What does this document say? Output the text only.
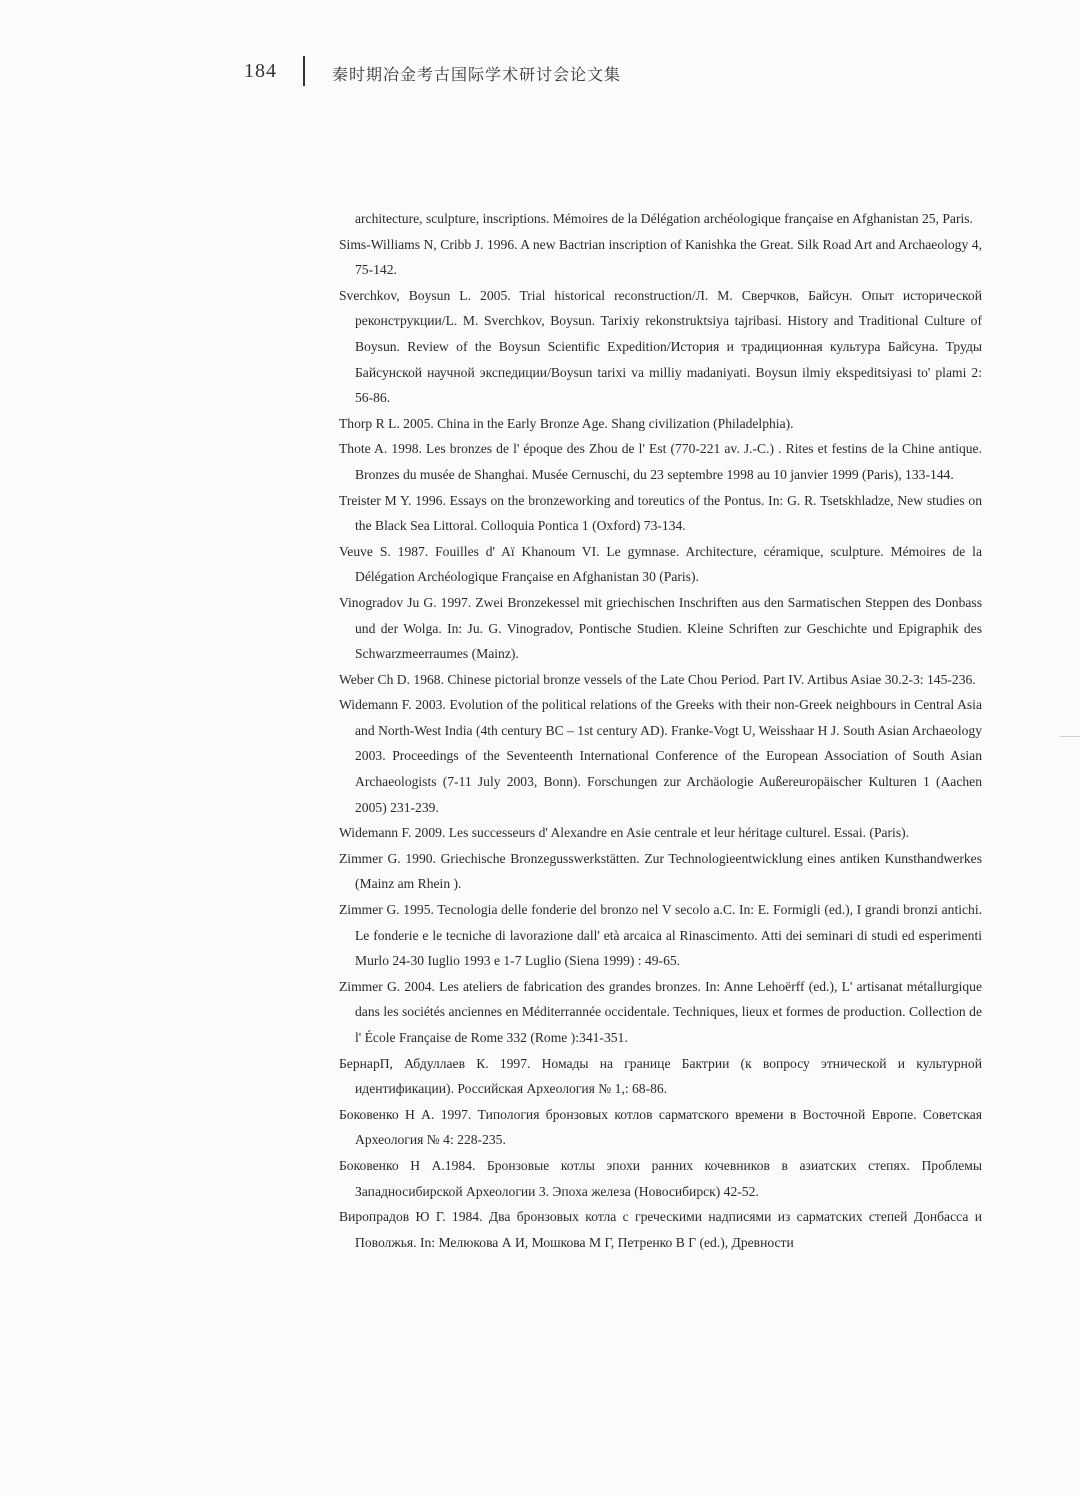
184	秦时期冶金考古国际学术研讨会论文集
architecture, sculpture, inscriptions. Mémoires de la Délégation archéologique française en Afghanistan 25, Paris.
Sims-Williams N, Cribb J. 1996. A new Bactrian inscription of Kanishka the Great. Silk Road Art and Archaeology 4, 75-142.
Sverchkov, Boysun L. 2005. Trial historical reconstruction/Л. М. Сверчков, Байсун. Опыт исторической реконструкции/L. M. Sverchkov, Boysun. Tarixiy rekonstruktsiya tajribasi. History and Traditional Culture of Boysun. Review of the Boysun Scientific Expedition/История и традиционная культура Байсуна. Труды Байсунской научной экспедиции/Boysun tarixi va milliy madaniyati. Boysun ilmiy ekspeditsiyasi to' plami 2: 56-86.
Thorp R L. 2005. China in the Early Bronze Age. Shang civilization (Philadelphia).
Thote A. 1998. Les bronzes de l' époque des Zhou de l' Est (770-221 av. J.-C.) . Rites et festins de la Chine antique. Bronzes du musée de Shanghai. Musée Cernuschi, du 23 septembre 1998 au 10 janvier 1999 (Paris), 133-144.
Treister M Y. 1996. Essays on the bronzeworking and toreutics of the Pontus. In: G. R. Tsetskhladze, New studies on the Black Sea Littoral. Colloquia Pontica 1 (Oxford) 73-134.
Veuve S. 1987. Fouilles d' Aï Khanoum VI. Le gymnase. Architecture, céramique, sculpture. Mémoires de la Délégation Archéologique Française en Afghanistan 30 (Paris).
Vinogradov Ju G. 1997. Zwei Bronzekessel mit griechischen Inschriften aus den Sarmatischen Steppen des Donbass und der Wolga. In: Ju. G. Vinogradov, Pontische Studien. Kleine Schriften zur Geschichte und Epigraphik des Schwarzmeerraumes (Mainz).
Weber Ch D. 1968. Chinese pictorial bronze vessels of the Late Chou Period. Part IV. Artibus Asiae 30.2-3: 145-236.
Widemann F. 2003. Evolution of the political relations of the Greeks with their non-Greek neighbours in Central Asia and North-West India (4th century BC – 1st century AD). Franke-Vogt U, Weisshaar H J. South Asian Archaeology 2003. Proceedings of the Seventeenth International Conference of the European Association of South Asian Archaeologists (7-11 July 2003, Bonn). Forschungen zur Archäologie Außereuropäischer Kulturen 1 (Aachen 2005) 231-239.
Widemann F. 2009. Les successeurs d' Alexandre en Asie centrale et leur héritage culturel. Essai. (Paris).
Zimmer G. 1990. Griechische Bronzegusswerkstätten. Zur Technologieentwicklung eines antiken Kunsthandwerkes (Mainz am Rhein ).
Zimmer G. 1995. Tecnologia delle fonderie del bronzo nel V secolo a.C. In: E. Formigli (ed.), I grandi bronzi antichi. Le fonderie e le tecniche di lavorazione dall' età arcaica al Rinascimento. Atti dei seminari di studi ed esperimenti Murlo 24-30 Iuglio 1993 e 1-7 Luglio (Siena 1999) : 49-65.
Zimmer G. 2004. Les ateliers de fabrication des grandes bronzes. In: Anne Lehoërff (ed.), L' artisanat métallurgique dans les sociétés anciennes en Méditerrannée occidentale. Techniques, lieux et formes de production. Collection de l' École Française de Rome 332 (Rome ):341-351.
БернарП, Абдуллаев К. 1997. Номады на границе Бактрии (к вопросу этнической и культурной идентификации). Российская Археология № 1,: 68-86.
Боковенко Н А. 1997. Типология бронзовых котлов сарматского времени в Восточной Европе. Советская Археология № 4: 228-235.
Боковенко Н А.1984. Бронзовые котлы эпохи ранних кочевников в азиатских степях. Проблемы Западносибирской Археологии 3. Эпоха железа (Новосибирск) 42-52.
Виропрадов Ю Г. 1984. Два бронзовых котла с греческими надписями из сарматских степей Донбасса и Поволжья. In: Мелюкова А И, Мошкова М Г, Петренко В Г (ed.), Древности
